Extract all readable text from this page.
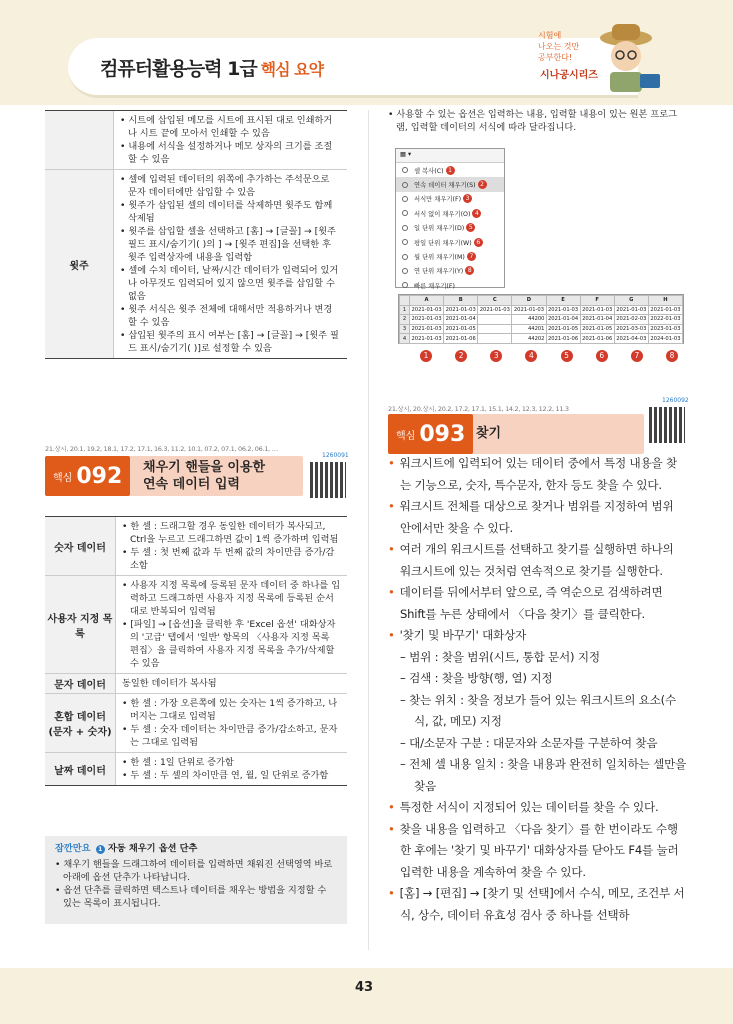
컴퓨터활용능력 1급 핵심 요약
시험에
나오는 것만
공부한다!
시나공시리즈
• 시트에 삽입된 메모를 시트에 표시된 대로 인쇄하거나 시트 끝에 모아서 인쇄할 수 있음
• 내용에 서식을 설정하거나 메모 상자의 크기를 조절할 수 있음
윗주
• 셀에 입력된 데이터의 위쪽에 추가하는 주석문으로 문자 데이터에만 삽입할 수 있음
• 윗주가 삽입된 셀의 데이터를 삭제하면 윗주도 함께 삭제됨
• 윗주를 삽입할 셀을 선택하고 [홈] → [글꼴] → [윗주 필드 표시/숨기기( )의 ] → [윗주 편집]을 선택한 후 윗주 입력상자에 내용을 입력함
• 셀에 수치 데이터, 날짜/시간 데이터가 입력되어 있거나 아무것도 입력되어 있지 않으면 윗주를 삽입할 수 없음
• 윗주 서식은 윗주 전체에 대해서만 적용하거나 변경할 수 있음
• 삽입된 윗주의 표시 여부는 [홈] → [글꼴] → [윗주 필드 표시/숨기기( )]로 설정할 수 있음
21.상시, 20.1, 19.2, 18.1, 17.2, 17.1, 16.3, 11.2, 10.1, 07.2, 07.1, 06.2, 06.1, …
핵심 092 채우기 핸들을 이용한
연속 데이터 입력
1260091
숫자 데이터
• 한 셀 : 드래그할 경우 동일한 데이터가 복사되고, Ctrl을 누르고 드래그하면 값이 1씩 증가하며 입력됨
• 두 셀 : 첫 번째 값과 두 번째 값의 차이만큼 증가/감소함
사용자 지정 목록
• 사용자 지정 목록에 등록된 문자 데이터 중 하나를 입력하고 드래그하면 사용자 지정 목록에 등록된 순서대로 반복되어 입력됨
• [파일] → [옵션]을 클릭한 후 'Excel 옵션' 대화상자의 '고급' 탭에서 '일반' 항목의 〈사용자 지정 목록 편집〉을 클릭하여 사용자 지정 목록을 추가/삭제할 수 있음
문자 데이터	동일한 데이터가 복사됨
혼합 데이터 (문자 + 숫자)
• 한 셀 : 가장 오른쪽에 있는 숫자는 1씩 증가하고, 나머지는 그대로 입력됨
• 두 셀 : 숫자 데이터는 차이만큼 증가/감소하고, 문자는 그대로 입력됨
날짜 데이터
• 한 셀 : 1일 단위로 증가함
• 두 셀 : 두 셀의 차이만큼 연, 월, 일 단위로 증가함
잠깐만요 1 자동 채우기 옵션 단추
• 채우기 핸들을 드래그하여 데이터를 입력하면 채워진 선택영역 바로 아래에 옵션 단추가 나타납니다.
• 옵션 단추를 클릭하면 텍스트나 데이터를 채우는 방법을 지정할 수 있는 목록이 표시됩니다.
• 사용할 수 있는 옵션은 입력하는 내용, 입력할 내용이 있는 원본 프로그램, 입력할 데이터의 서식에 따라 달라집니다.
▦ ▾
셀 복사(C) 1
연속 데이터 채우기(S) 2
서식만 채우기(F) 3
서식 없이 채우기(O) 4
일 단위 채우기(D) 5
평일 단위 채우기(W) 6
월 단위 채우기(M) 7
연 단위 채우기(Y) 8
빠른 채우기(F)
	A	B	C	D	E	F	G	H
1	2021-01-03	2021-01-03	2021-01-03	2021-01-03	2021-01-03	2021-01-03	2021-01-03	2021-01-03
2	2021-01-03	2021-01-04		44200	2021-01-04	2021-01-04	2021-02-03	2022-01-03
3	2021-01-03	2021-01-05		44201	2021-01-05	2021-01-05	2021-03-03	2023-01-03
4	2021-01-03	2021-01-06		44202	2021-01-06	2021-01-06	2021-04-03	2024-01-03
1	2	3	4	5	6	7	8
21.상시, 20.상시, 20.2, 17.2, 17.1, 15.1, 14.2, 12.3, 12.2, 11.3
핵심 093 찾기
1260092
• 워크시트에 입력되어 있는 데이터 중에서 특정 내용을 찾는 기능으로, 숫자, 특수문자, 한자 등도 찾을 수 있다.
• 워크시트 전체를 대상으로 찾거나 범위를 지정하여 범위 안에서만 찾을 수 있다.
• 여러 개의 워크시트를 선택하고 찾기를 실행하면 하나의 워크시트에 있는 것처럼 연속적으로 찾기를 실행한다.
• 데이터를 뒤에서부터 앞으로, 즉 역순으로 검색하려면 Shift를 누른 상태에서 〈다음 찾기〉를 클릭한다.
• '찾기 및 바꾸기' 대화상자
– 범위 : 찾을 범위(시트, 통합 문서) 지정
– 검색 : 찾을 방향(행, 열) 지정
– 찾는 위치 : 찾을 정보가 들어 있는 워크시트의 요소(수식, 값, 메모) 지정
– 대/소문자 구분 : 대문자와 소문자를 구분하여 찾음
– 전체 셀 내용 일치 : 찾을 내용과 완전히 일치하는 셀만을 찾음
• 특정한 서식이 지정되어 있는 데이터를 찾을 수 있다.
• 찾을 내용을 입력하고 〈다음 찾기〉를 한 번이라도 수행한 후에는 '찾기 및 바꾸기' 대화상자를 닫아도 F4를 눌러 입력한 내용을 계속하여 찾을 수 있다.
• [홈] → [편집] → [찾기 및 선택]에서 수식, 메모, 조건부 서식, 상수, 데이터 유효성 검사 중 하나를 선택하
43
